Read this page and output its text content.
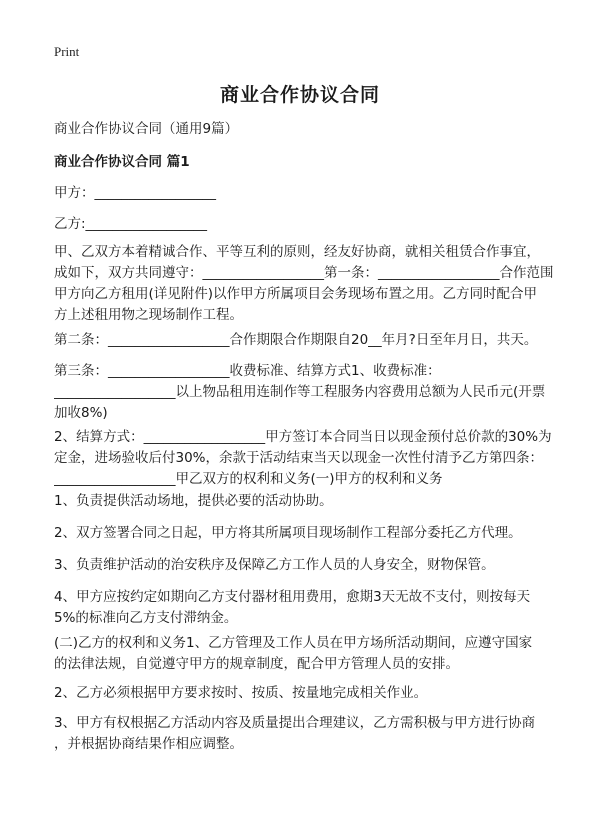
Print
商业合作协议合同
商业合作协议合同（通用9篇）
商业合作协议合同 篇1
甲方：__________________
乙方:__________________
甲、乙双方本着精诚合作、平等互利的原则，经友好协商，就相关租赁合作事宜，
成如下，双方共同遵守：__________________第一条：__________________合作范围
甲方向乙方租用(详见附件)以作甲方所属项目会务现场布置之用。乙方同时配合甲
方上述租用物之现场制作工程。
第二条：__________________合作期限合作期限自20__年月?日至年月日，共天。
第三条：__________________收费标准、结算方式1、收费标准：
__________________以上物品租用连制作等工程服务内容费用总额为人民币元(开票
加收8%)
2、结算方式：__________________甲方签订本合同当日以现金预付总价款的30%为
定金，进场验收后付30%，余款于活动结束当天以现金一次性付清予乙方第四条：
__________________甲乙双方的权利和义务(一)甲方的权利和义务
1、负责提供活动场地，提供必要的活动协助。
2、双方签署合同之日起，甲方将其所属项目现场制作工程部分委托乙方代理。
3、负责维护活动的治安秩序及保障乙方工作人员的人身安全，财物保管。
4、甲方应按约定如期向乙方支付器材租用费用，愈期3天无故不支付，则按每天
5%的标准向乙方支付滞纳金。
(二)乙方的权利和义务1、乙方管理及工作人员在甲方场所活动期间，应遵守国家
的法律法规，自觉遵守甲方的规章制度，配合甲方管理人员的安排。
2、乙方必须根据甲方要求按时、按质、按量地完成相关作业。
3、甲方有权根据乙方活动内容及质量提出合理建议，乙方需积极与甲方进行协商
，并根据协商结果作相应调整。
